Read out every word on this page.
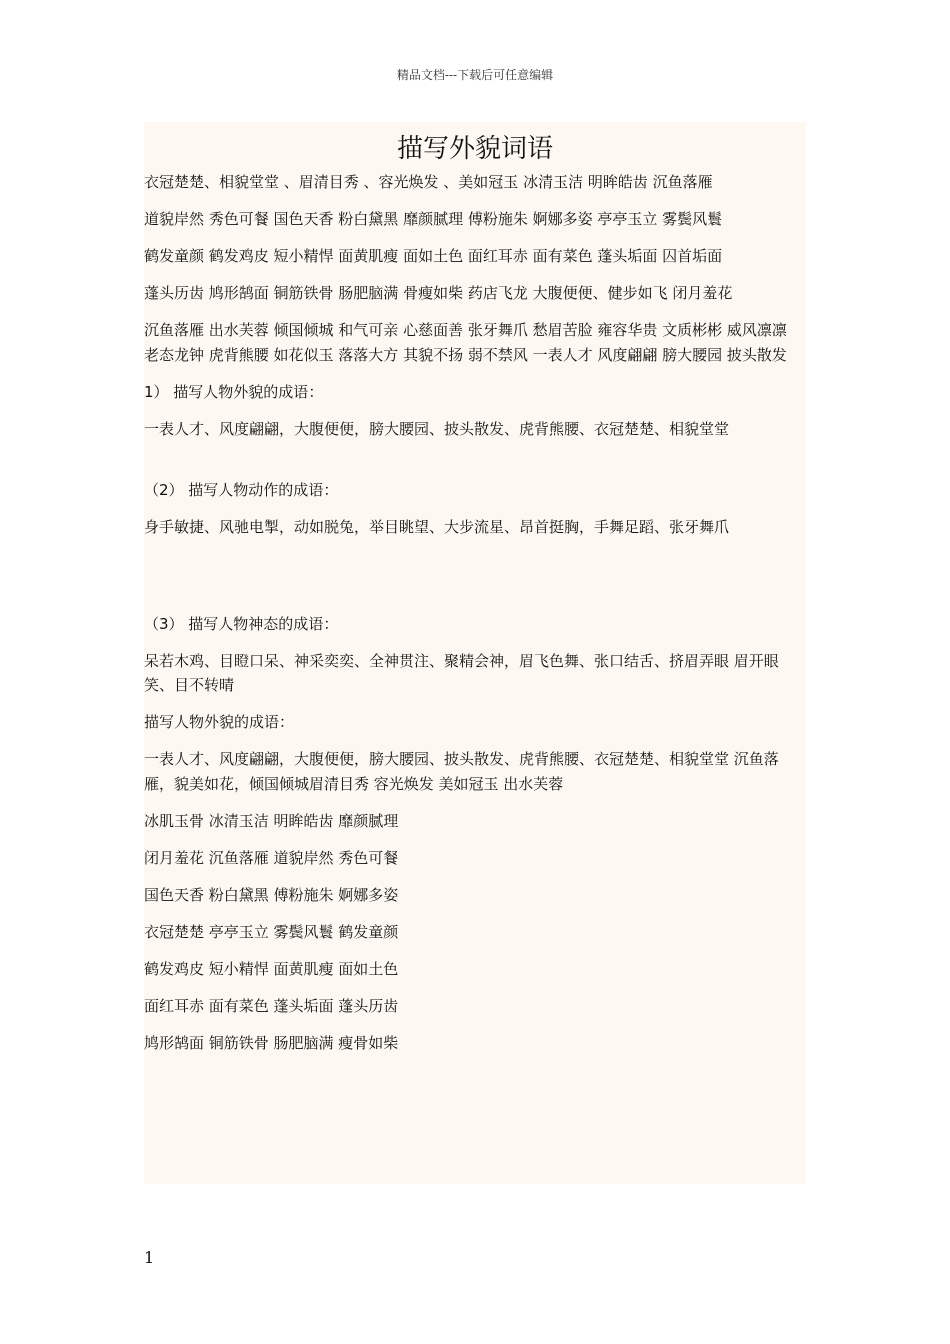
精品文档---下载后可任意编辑
描写外貌词语

衣冠楚楚、相貌堂堂 、眉清目秀 、容光焕发 、美如冠玉 冰清玉洁 明眸皓齿 沉鱼落雁

道貌岸然 秀色可餐 国色天香 粉白黛黑 靡颜腻理 傅粉施朱 婀娜多姿 亭亭玉立 雾鬓风鬟

鹤发童颜 鹤发鸡皮 短小精悍 面黄肌瘦 面如土色 面红耳赤 面有菜色 蓬头垢面 囚首垢面

蓬头历齿 鸠形鹄面 铜筋铁骨 肠肥脑满 骨瘦如柴 药店飞龙 大腹便便、健步如飞 闭月羞花

沉鱼落雁 出水芙蓉 倾国倾城 和气可亲 心慈面善 张牙舞爪 愁眉苦脸 雍容华贵 文质彬彬 威风凛凛 老态龙钟 虎背熊腰 如花似玉 落落大方 其貌不扬 弱不禁风 一表人才 风度翩翩 膀大腰园 披头散发

1） 描写人物外貌的成语：

一表人才、风度翩翩，大腹便便，膀大腰园、披头散发、虎背熊腰、衣冠楚楚、相貌堂堂

（2） 描写人物动作的成语：

身手敏捷、风驰电掣，动如脱兔，举目眺望、大步流星、昂首挺胸，手舞足蹈、张牙舞爪

（3） 描写人物神态的成语：

呆若木鸡、目瞪口呆、神采奕奕、全神贯注、聚精会神，眉飞色舞、张口结舌、挤眉弄眼 眉开眼笑、目不转晴

描写人物外貌的成语：

一表人才、风度翩翩，大腹便便，膀大腰园、披头散发、虎背熊腰、衣冠楚楚、相貌堂堂 沉鱼落雁，貌美如花，倾国倾城眉清目秀 容光焕发 美如冠玉 出水芙蓉

冰肌玉骨 冰清玉洁 明眸皓齿 靡颜腻理

闭月羞花 沉鱼落雁 道貌岸然 秀色可餐

国色天香 粉白黛黑 傅粉施朱 婀娜多姿

衣冠楚楚 亭亭玉立 雾鬓风鬟 鹤发童颜

鹤发鸡皮 短小精悍 面黄肌瘦 面如土色

面红耳赤 面有菜色 蓬头垢面 蓬头历齿

鸠形鹄面 铜筋铁骨 肠肥脑满 瘦骨如柴

1
